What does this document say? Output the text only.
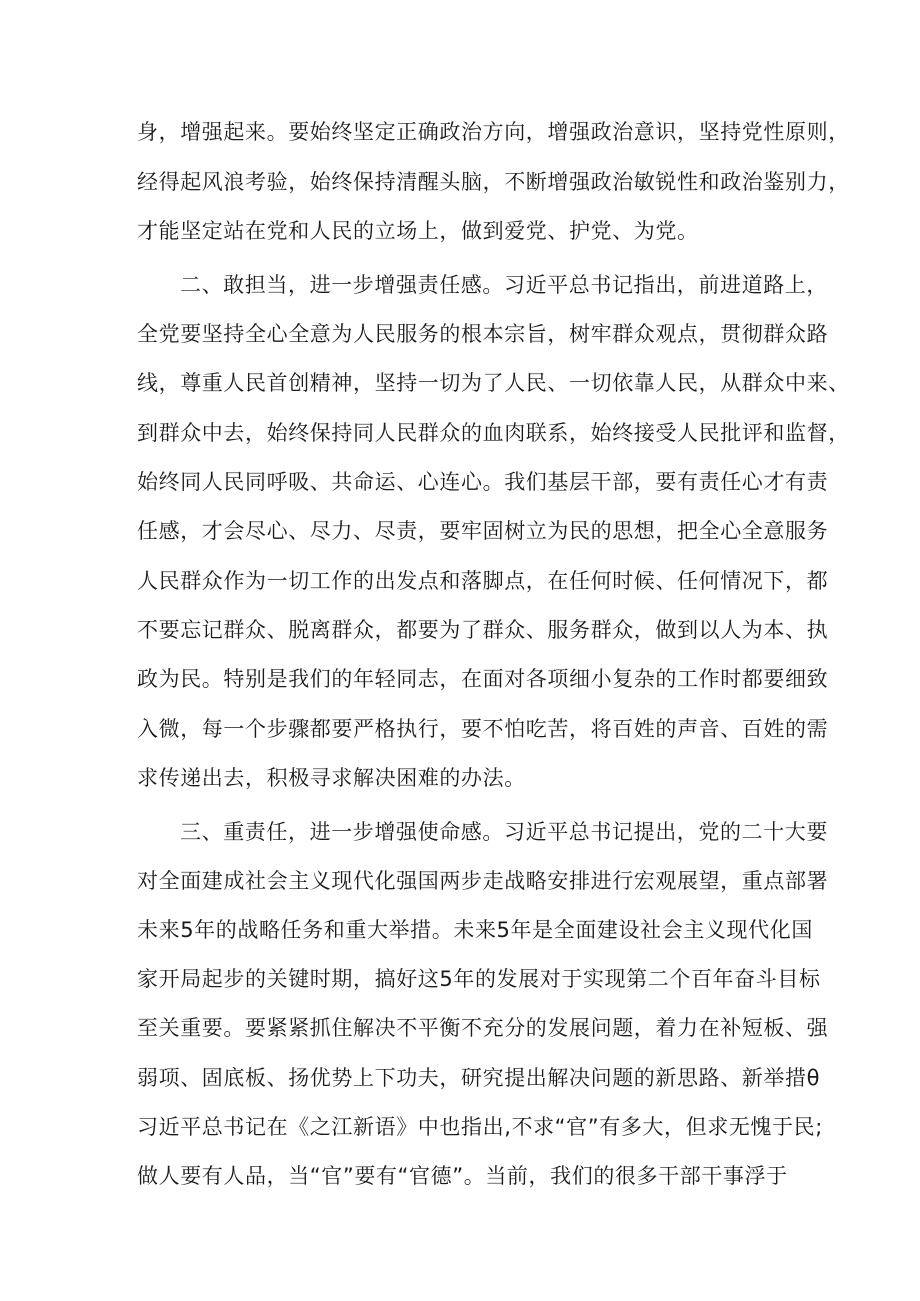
身，增强起来。要始终坚定正确政治方向，增强政治意识，坚持党性原则，
经得起风浪考验，始终保持清醒头脑，不断增强政治敏锐性和政治鉴别力，
才能坚定站在党和人民的立场上，做到爱党、护党、为党。
二、敢担当，进一步增强责任感。习近平总书记指出，前进道路上，
全党要坚持全心全意为人民服务的根本宗旨，树牢群众观点，贯彻群众路
线，尊重人民首创精神，坚持一切为了人民、一切依靠人民，从群众中来、
到群众中去，始终保持同人民群众的血肉联系，始终接受人民批评和监督，
始终同人民同呼吸、共命运、心连心。我们基层干部，要有责任心才有责
任感，才会尽心、尽力、尽责，要牢固树立为民的思想，把全心全意服务
人民群众作为一切工作的出发点和落脚点，在任何时候、任何情况下，都
不要忘记群众、脱离群众，都要为了群众、服务群众，做到以人为本、执
政为民。特别是我们的年轻同志，在面对各项细小复杂的工作时都要细致
入微，每一个步骤都要严格执行，要不怕吃苦，将百姓的声音、百姓的需
求传递出去，积极寻求解决困难的办法。
三、重责任，进一步增强使命感。习近平总书记提出，党的二十大要
对全面建成社会主义现代化强国两步走战略安排进行宏观展望，重点部署
未来5年的战略任务和重大举措。未来5年是全面建设社会主义现代化国
家开局起步的关键时期，搞好这5年的发展对于实现第二个百年奋斗目标
至关重要。要紧紧抓住解决不平衡不充分的发展问题，着力在补短板、强
弱项、固底板、扬优势上下功夫，研究提出解决问题的新思路、新举措θ
习近平总书记在《之江新语》中也指出,不求“官”有多大，但求无愧于民;
做人要有人品，当“官”要有“官德”。当前，我们的很多干部干事浮于
